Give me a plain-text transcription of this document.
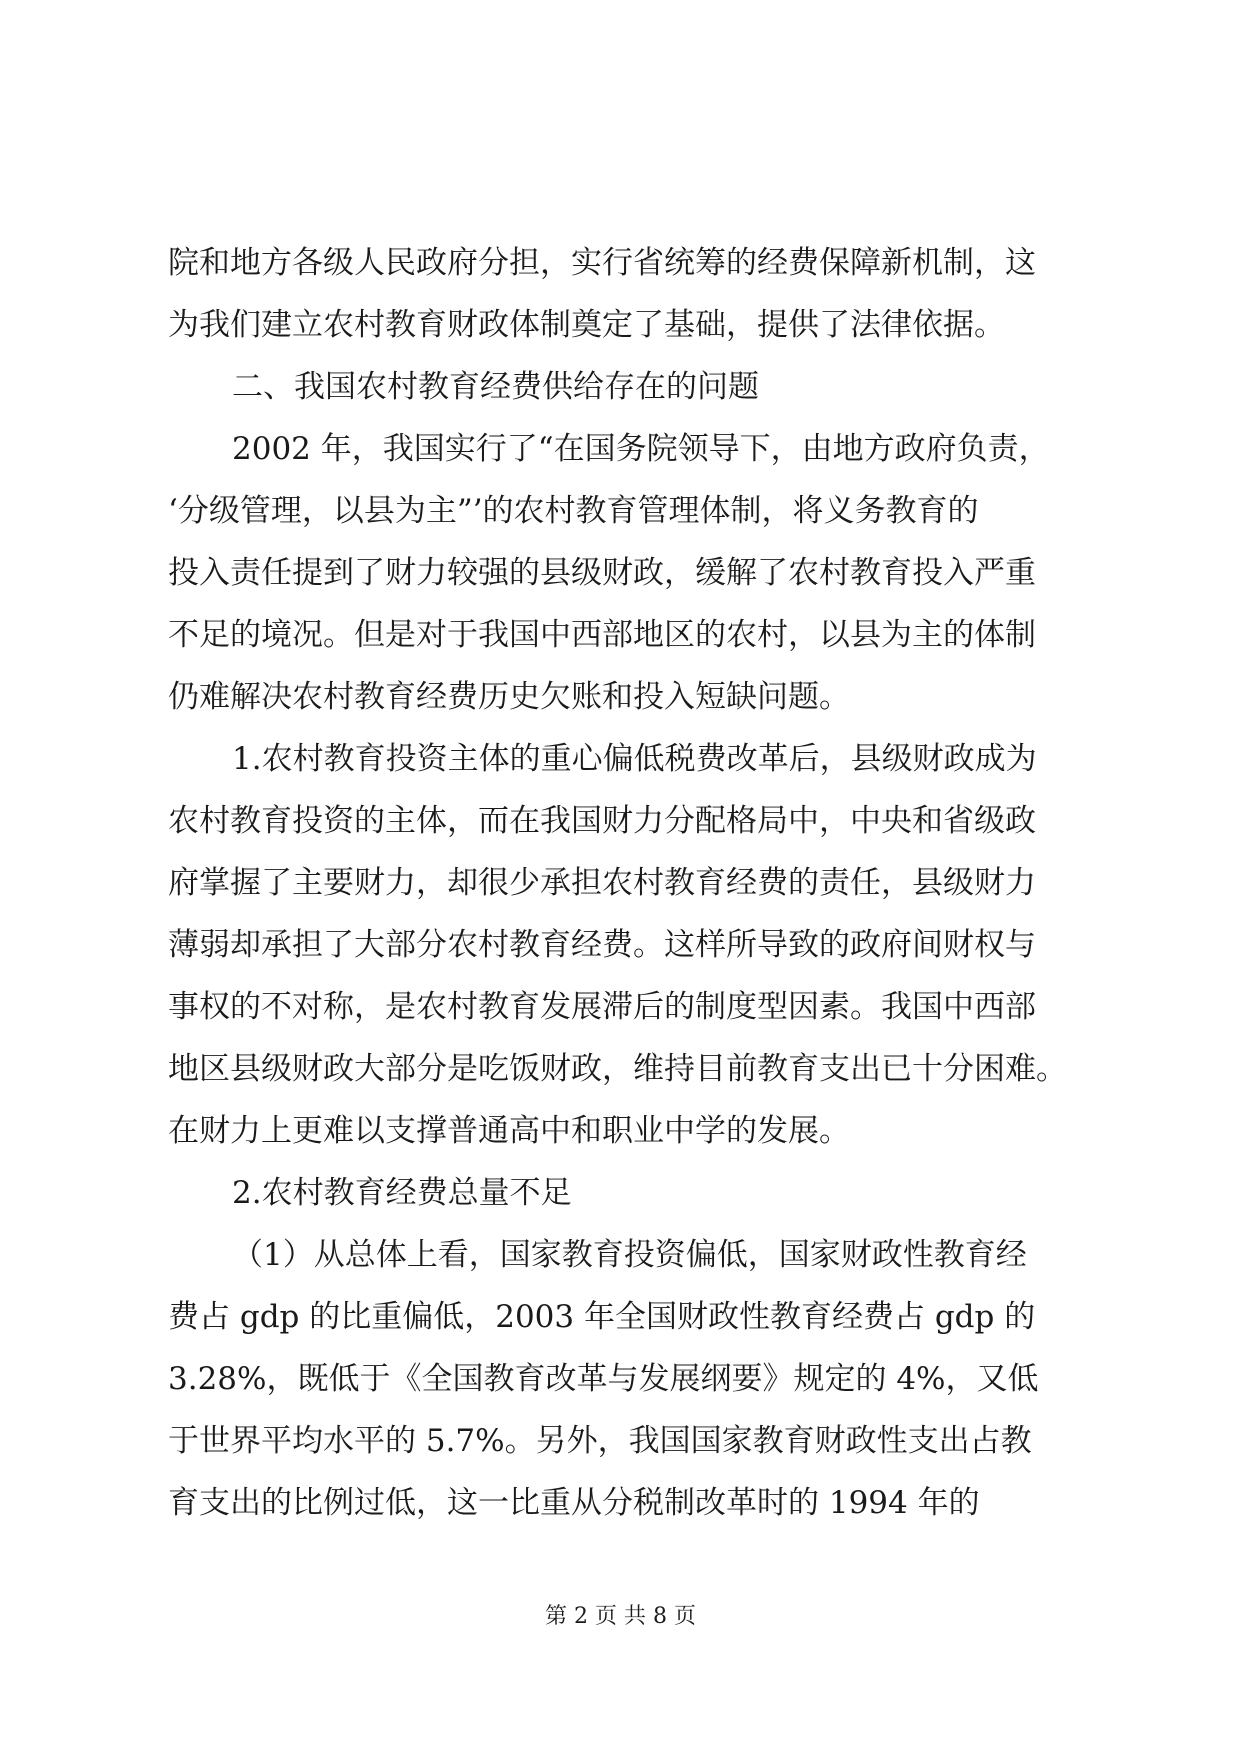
院和地方各级人民政府分担，实行省统筹的经费保障新机制，这
为我们建立农村教育财政体制奠定了基础，提供了法律依据。
二、我国农村教育经费供给存在的问题
2002 年，我国实行了“在国务院领导下，由地方政府负责，
‘分级管理，以县为主”’的农村教育管理体制，将义务教育的
投入责任提到了财力较强的县级财政，缓解了农村教育投入严重
不足的境况。但是对于我国中西部地区的农村，以县为主的体制
仍难解决农村教育经费历史欠账和投入短缺问题。
1.农村教育投资主体的重心偏低税费改革后，县级财政成为
农村教育投资的主体，而在我国财力分配格局中，中央和省级政
府掌握了主要财力，却很少承担农村教育经费的责任，县级财力
薄弱却承担了大部分农村教育经费。这样所导致的政府间财权与
事权的不对称，是农村教育发展滞后的制度型因素。我国中西部
地区县级财政大部分是吃饭财政，维持目前教育支出已十分困难。
在财力上更难以支撑普通高中和职业中学的发展。
2.农村教育经费总量不足
（1）从总体上看，国家教育投资偏低，国家财政性教育经
费占 gdp 的比重偏低，2003 年全国财政性教育经费占 gdp 的
3.28%，既低于《全国教育改革与发展纲要》规定的 4%，又低
于世界平均水平的 5.7%。另外，我国国家教育财政性支出占教
育支出的比例过低，这一比重从分税制改革时的 1994 年的
第 2 页 共 8 页
